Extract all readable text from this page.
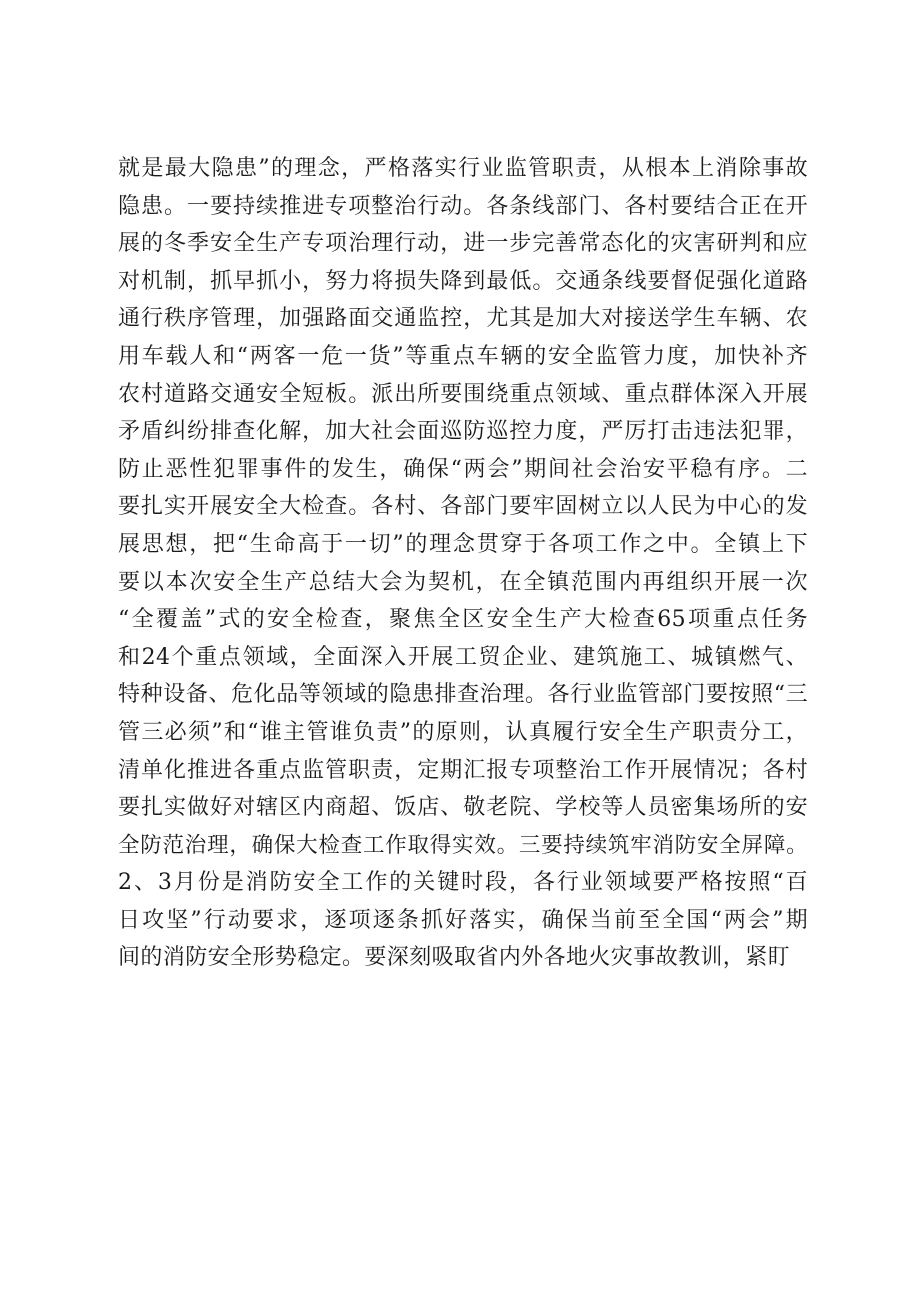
就是最大隐患”的理念，严格落实行业监管职责，从根本上消除事故
隐患。一要持续推进专项整治行动。各条线部门、各村要结合正在开
展的冬季安全生产专项治理行动，进一步完善常态化的灾害研判和应
对机制，抓早抓小，努力将损失降到最低。交通条线要督促强化道路
通行秩序管理，加强路面交通监控，尤其是加大对接送学生车辆、农
用车载人和“两客一危一货”等重点车辆的安全监管力度，加快补齐
农村道路交通安全短板。派出所要围绕重点领域、重点群体深入开展
矛盾纠纷排查化解，加大社会面巡防巡控力度，严厉打击违法犯罪，
防止恶性犯罪事件的发生，确保“两会”期间社会治安平稳有序。二
要扎实开展安全大检查。各村、各部门要牢固树立以人民为中心的发
展思想，把“生命高于一切”的理念贯穿于各项工作之中。全镇上下
要以本次安全生产总结大会为契机，在全镇范围内再组织开展一次
“全覆盖”式的安全检查，聚焦全区安全生产大检查65项重点任务
和24个重点领域，全面深入开展工贸企业、建筑施工、城镇燃气、
特种设备、危化品等领域的隐患排查治理。各行业监管部门要按照“三
管三必须”和“谁主管谁负责”的原则，认真履行安全生产职责分工，
清单化推进各重点监管职责，定期汇报专项整治工作开展情况；各村
要扎实做好对辖区内商超、饭店、敬老院、学校等人员密集场所的安
全防范治理，确保大检查工作取得实效。三要持续筑牢消防安全屏障。
2、3月份是消防安全工作的关键时段，各行业领域要严格按照“百
日攻坚”行动要求，逐项逐条抓好落实，确保当前至全国“两会”期
间的消防安全形势稳定。要深刻吸取省内外各地火灾事故教训，紧盯
